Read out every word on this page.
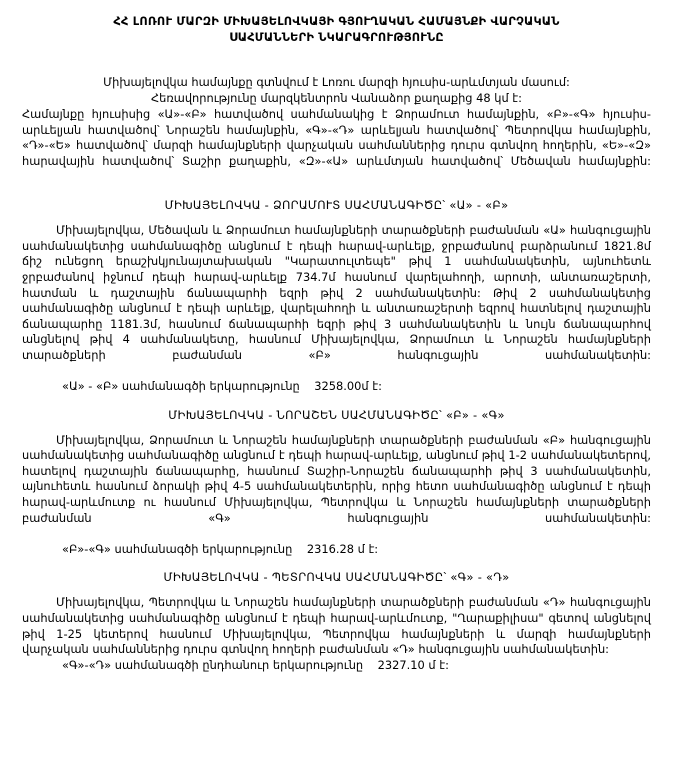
ՀՀ ԼՈՌՈՒ ՄԱՐԶԻ ՄԻԽԱՅԵԼՈՎԿԱՅԻ ԳՅՈՒՂԱԿԱՆ ՀԱՄԱՅՆՔԻ ՎԱՐՉԱԿԱՆ
ՍԱՀՄԱՆՆԵՐԻ ՆԿԱՐԱԳՐՈՒԹՅՈՒՆԸ
Միխայելովկա համայնքը գտնվում է Լոռու մարզի հյուսիս-արևմտյան մասում:
Հեռավորությունը մարզկենտրոն Վանաձոր քաղաքից 48 կմ է:
Համայնքը հյուսիսից «Ա»-«Բ» հատվածով սահմանակից է Ձորամուտ համայնքին, «Բ»-«Գ» հյուսիս-արևելյան հատվածով՝ Նորաշեն համայնքին, «Գ»-«Դ» արևելյան հատվածով՝ Պետրովկա համայնքին, «Դ»-«Ե» հատվածով՝ մարզի համայնքների վարչական սահմաններից դուրս գտնվող հողերին, «Ե»-«Զ» հարավային հատվածով՝ Տաշիր քաղաքին, «Զ»-«Ա» արևմտյան հատվածով՝ Մեծավան համայնքին:
ՄԻԽԱՅԵԼՈՎԿԱ - ՁՈՐԱՄՈՒՏ ՍԱՀՄԱՆԱԳԻԾԸ՝ «Ա» - «Բ»

Միխայելովկա, Մեծավան և Ձորամուտ համայնքների տարածքների բաժանման «Ա» հանգուցային սահմանակետից սահմանագիծը անցնում է դեպի հարավ-արևելք, ջրբաժանով բարձրանում 1821.8մ ճիշ ունեցող երաշխկյունայտախական "Կարատուլտեպե" թիվ 1 սահմանակետին, այնուհետև ջրբաժանով իջնում դեպի հարավ-արևելք 734.7մ հասնում վարելահողի, արոտի, անտառաշերտի, հատման և դաշտային ճանապարհի եզրի թիվ 2 սահմանակետին: Թիվ 2 սահմանակետից սահմանագիծը անցնում է դեպի արևելք, վարելահողի և անտառաշերտի եզրով հատնելով դաշտային ճանապարհը 1181.3մ, հասնում ճանապարհի եզրի թիվ 3 սահմանակետին և նույն ճանապարհով անցնելով թիվ 4 սահմանակետը, հասնում Միխայելովկա, Ձորամուտ և Նորաշեն համայնքների տարածքների բաժանման «Բ» հանգուցային սահմանակետին:

«Ա» - «Բ» սահմանագծի երկարությունը 3258.00մ է:

ՄԻԽԱՅԵԼՈՎԿԱ - ՆՈՐԱՇԵՆ ՍԱՀՄԱՆԱԳԻԾԸ՝ «Բ» - «Գ»

Միխայելովկա, Ձորամուտ և Նորաշեն համայնքների տարածքների բաժանման «Բ» հանգուցային սահմանակետից սահմանագիծը անցնում է դեպի հարավ-արևելք, անցնում թիվ 1-2 սահմանակետերով, հատելով դաշտային ճանապարհը, հասնում Տաշիր-Նորաշեն ճանապարհի թիվ 3 սահմանակետին, այնուհետև հասնում ձորակի թիվ 4-5 սահմանակետերին, որից հետո սահմանագիծը անցնում է դեպի հարավ-արևմուտք ու հասնում Միխայելովկա, Պետրովկա և Նորաշեն համայնքների տարածքների բաժանման «Գ» հանգուցային սահմանակետին:

«Բ»-«Գ» սահմանագծի երկարությունը 2316.28 մ է:

ՄԻԽԱՅԵԼՈՎԿԱ - ՊԵՏՐՈՎԿԱ ՍԱՀՄԱՆԱԳԻԾԸ՝ «Գ» - «Դ»

Միխայելովկա, Պետրովկա և Նորաշեն համայնքների տարածքների բաժանման «Դ» հանգուցային սահմանակետից սահմանագիծը անցնում է դեպի հարավ-արևմուտք, "Ղարաքիլիսա" գետով անցնելով թիվ 1-25 կետերով հասնում Միխայելովկա, Պետրովկա համայնքների և մարզի համայնքների վարչական սահմաններից դուրս գտնվող հողերի բաժանման «Դ» հանգուցային սահմանակետին:

«Գ»-«Դ» սահմանագծի ընդհանուր երկարությունը 2327.10 մ է:
